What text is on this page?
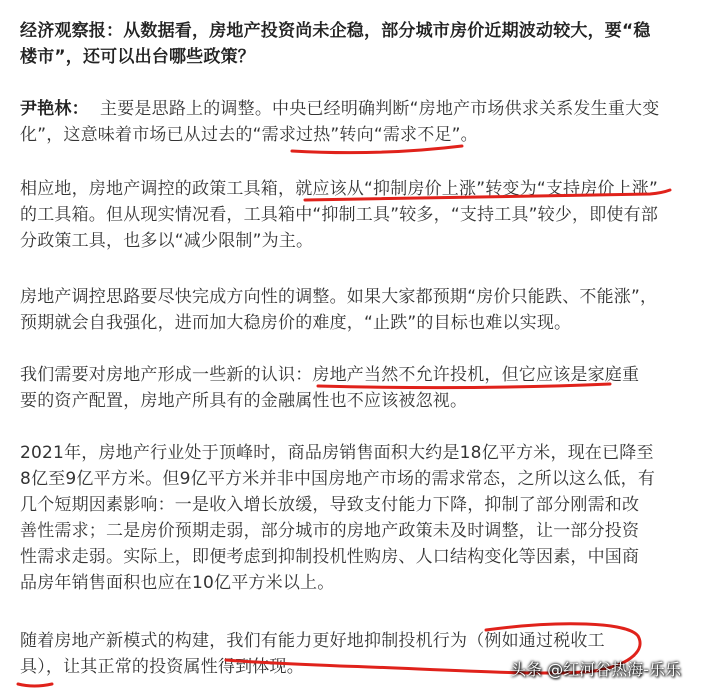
经济观察报：从数据看，房地产投资尚未企稳，部分城市房价近期波动较大，要“稳
楼市”，还可以出台哪些政策？
尹艳林： 主要是思路上的调整。中央已经明确判断“房地产市场供求关系发生重大变
化”，这意味着市场已从过去的“需求过热”转向“需求不足”。
相应地，房地产调控的政策工具箱，就应该从“抑制房价上涨”转变为“支持房价上涨”
的工具箱。但从现实情况看，工具箱中“抑制工具”较多，“支持工具”较少，即使有部
分政策工具，也多以“减少限制”为主。
房地产调控思路要尽快完成方向性的调整。如果大家都预期“房价只能跌、不能涨”，
预期就会自我强化，进而加大稳房价的难度，“止跌”的目标也难以实现。
我们需要对房地产形成一些新的认识：房地产当然不允许投机，但它应该是家庭重
要的资产配置，房地产所具有的金融属性也不应该被忽视。
2021年，房地产行业处于顶峰时，商品房销售面积大约是18亿平方米，现在已降至
8亿至9亿平方米。但9亿平方米并非中国房地产市场的需求常态，之所以这么低，有
几个短期因素影响：一是收入增长放缓，导致支付能力下降，抑制了部分刚需和改
善性需求；二是房价预期走弱，部分城市的房地产政策未及时调整，让一部分投资
性需求走弱。实际上，即便考虑到抑制投机性购房、人口结构变化等因素，中国商
品房年销售面积也应在10亿平方米以上。
随着房地产新模式的构建，我们有能力更好地抑制投机行为（例如通过税收工
具），让其正常的投资属性得到体现。	头条 @红河谷热海-乐乐
